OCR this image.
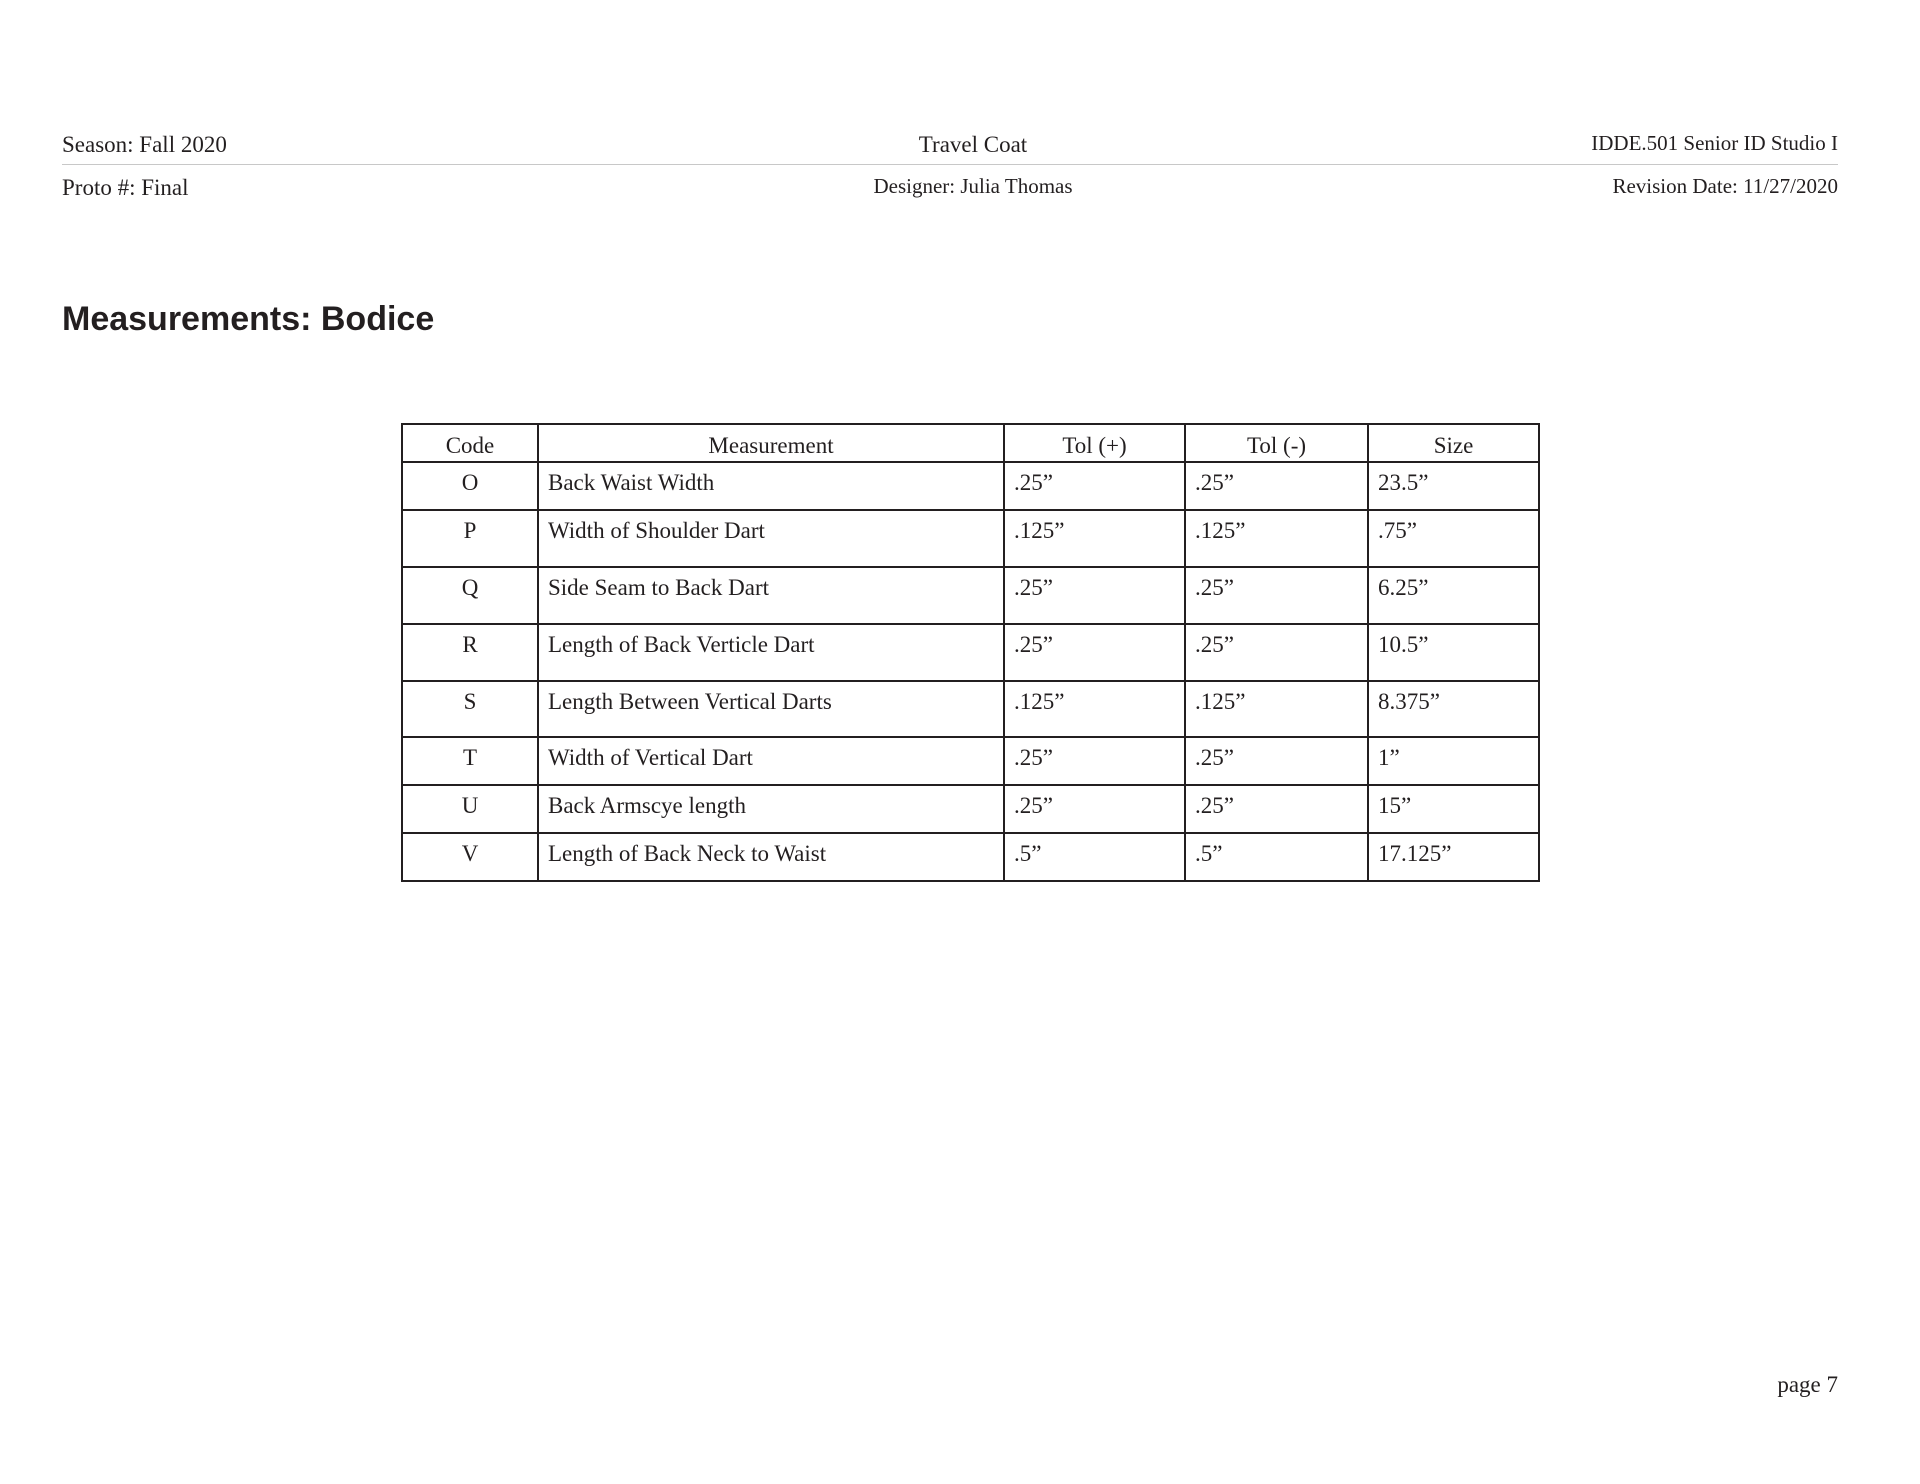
Season: Fall 2020	Travel Coat	IDDE.501 Senior ID Studio I
Proto #: Final	Designer: Julia Thomas	Revision Date: 11/27/2020
Measurements: Bodice
Code	Measurement	Tol (+)	Tol (-)	Size
O	Back Waist Width	.25”	.25”	23.5”
P	Width of Shoulder Dart	.125”	.125”	.75”
Q	Side Seam to Back Dart	.25”	.25”	6.25”
R	Length of Back Verticle Dart	.25”	.25”	10.5”
S	Length Between Vertical Darts	.125”	.125”	8.375”
T	Width of Vertical Dart	.25”	.25”	1”
U	Back Armscye length	.25”	.25”	15”
V	Length of Back Neck to Waist	.5”	.5”	17.125”
page 7
